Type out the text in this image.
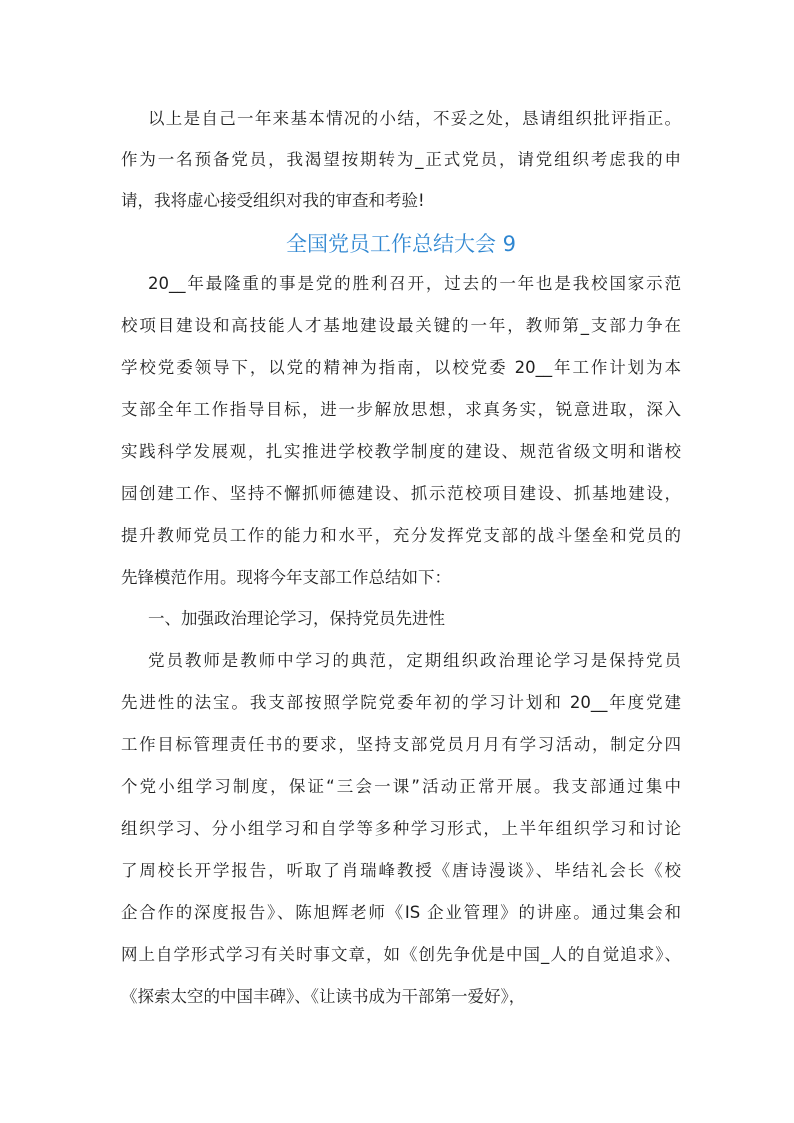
以上是自己一年来基本情况的小结，不妥之处，恳请组织批评指正。
作为一名预备党员，我渴望按期转为_正式党员，请党组织考虑我的申
请，我将虚心接受组织对我的审查和考验!
全国党员工作总结大会 9
20__年最隆重的事是党的胜利召开，过去的一年也是我校国家示范
校项目建设和高技能人才基地建设最关键的一年，教师第_支部力争在
学校党委领导下，以党的精神为指南，以校党委 20__年工作计划为本
支部全年工作指导目标，进一步解放思想，求真务实，锐意进取，深入
实践科学发展观，扎实推进学校教学制度的建设、规范省级文明和谐校
园创建工作、坚持不懈抓师德建设、抓示范校项目建设、抓基地建设，
提升教师党员工作的能力和水平，充分发挥党支部的战斗堡垒和党员的
先锋模范作用。现将今年支部工作总结如下：
一、加强政治理论学习，保持党员先进性
党员教师是教师中学习的典范，定期组织政治理论学习是保持党员
先进性的法宝。我支部按照学院党委年初的学习计划和 20__年度党建
工作目标管理责任书的要求，坚持支部党员月月有学习活动，制定分四
个党小组学习制度，保证“三会一课”活动正常开展。我支部通过集中
组织学习、分小组学习和自学等多种学习形式，上半年组织学习和讨论
了周校长开学报告，听取了肖瑞峰教授《唐诗漫谈》、毕结礼会长《校
企合作的深度报告》、陈旭辉老师《IS 企业管理》的讲座。通过集会和
网上自学形式学习有关时事文章，如《创先争优是中国_人的自觉追求》、
《探索太空的中国丰碑》、《让读书成为干部第一爱好》，
